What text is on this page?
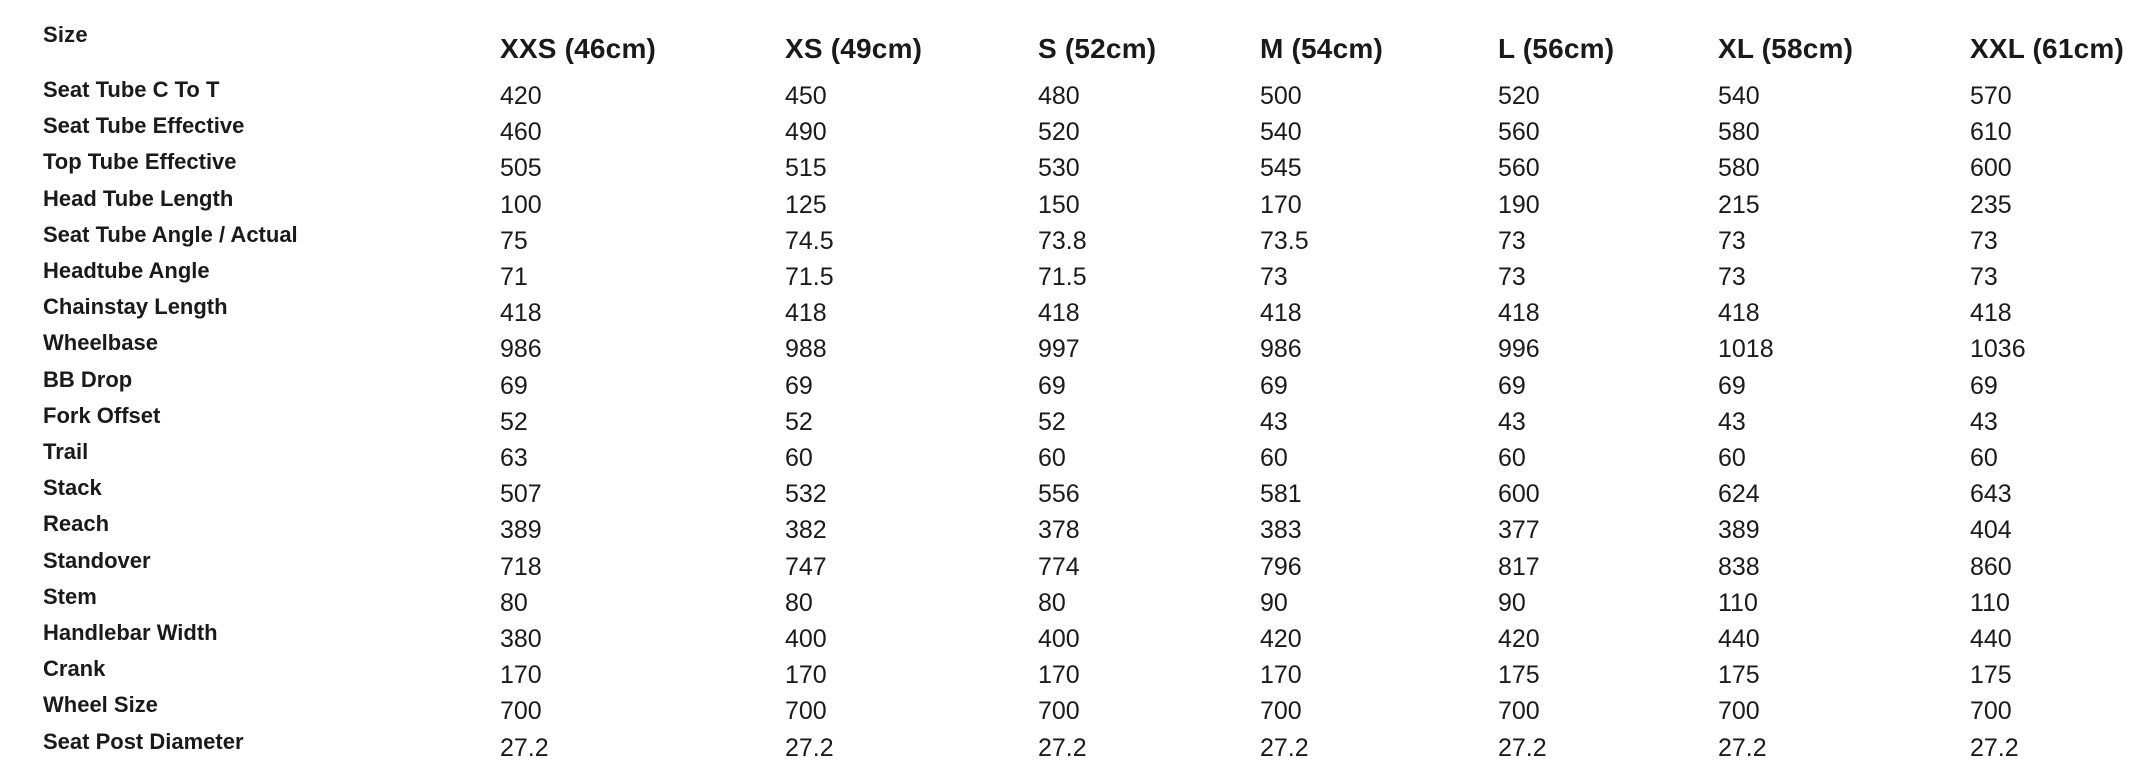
Size	XXS (46cm)	XS (49cm)	S (52cm)	M (54cm)	L (56cm)	XL (58cm)	XXL (61cm)
Seat Tube C To T	420	450	480	500	520	540	570
Seat Tube Effective	460	490	520	540	560	580	610
Top Tube Effective	505	515	530	545	560	580	600
Head Tube Length	100	125	150	170	190	215	235
Seat Tube Angle / Actual	75	74.5	73.8	73.5	73	73	73
Headtube Angle	71	71.5	71.5	73	73	73	73
Chainstay Length	418	418	418	418	418	418	418
Wheelbase	986	988	997	986	996	1018	1036
BB Drop	69	69	69	69	69	69	69
Fork Offset	52	52	52	43	43	43	43
Trail	63	60	60	60	60	60	60
Stack	507	532	556	581	600	624	643
Reach	389	382	378	383	377	389	404
Standover	718	747	774	796	817	838	860
Stem	80	80	80	90	90	110	110
Handlebar Width	380	400	400	420	420	440	440
Crank	170	170	170	170	175	175	175
Wheel Size	700	700	700	700	700	700	700
Seat Post Diameter	27.2	27.2	27.2	27.2	27.2	27.2	27.2
